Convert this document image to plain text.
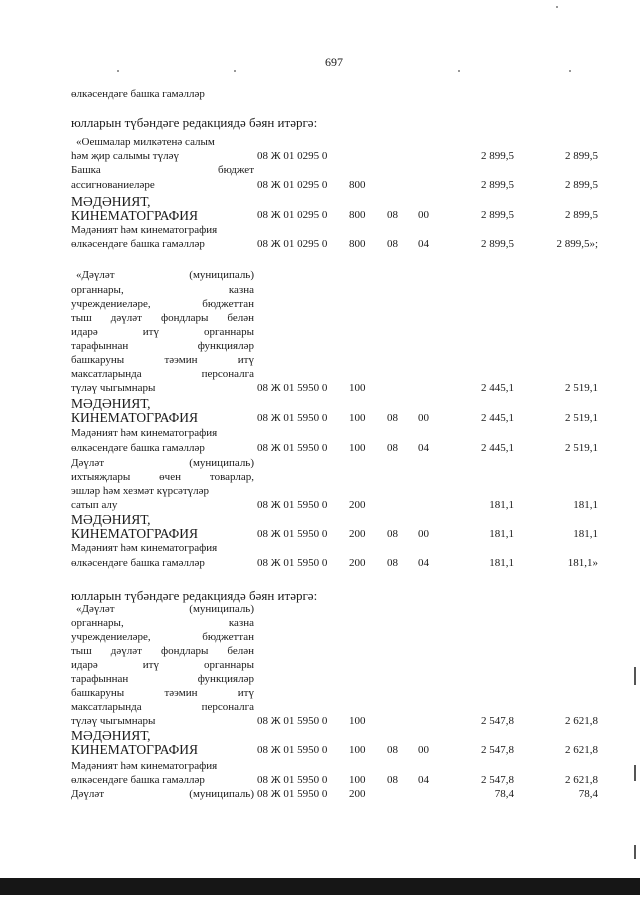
697
өлкәсендәге башка гамәлләр
юлларын түбәндәге редакциядә бәян итәргә:
«Оешмалар милкәтенә салым
һәм җир салымы түләү	08 Ж 01 0295 0	2 899,5	2 899,5
Башка	бюджет
ассигнованиеләре	08 Ж 01 0295 0 800	2 899,5	2 899,5
МӘДӘНИЯТ,
КИНЕМАТОГРАФИЯ	08 Ж 01 0295 0 800 08 00	2 899,5	2 899,5
Мәдәният һәм кинематография
өлкәсендәге башка гамәлләр	08 Ж 01 0295 0 800 08 04	2 899,5	2 899,5»;
«Дәүләт	(муниципаль)
органнары,	казна
учреждениеләре,	бюджеттан
тыш дәүләт фондлары белән
идарә	итү	органнары
тарафыннан	функцияләр
башкаруны	тәэмин	итү
максатларында	персоналга
түләү чыгымнары	08 Ж 01 5950 0 100	2 445,1	2 519,1
МӘДӘНИЯТ,
КИНЕМАТОГРАФИЯ	08 Ж 01 5950 0 100 08 00	2 445,1	2 519,1
Мәдәният һәм кинематография
өлкәсендәге башка гамәлләр	08 Ж 01 5950 0 100 08 04	2 445,1	2 519,1
Дәүләт	(муниципаль)
ихтыяҗлары	өчен	товарлар,
эшләр һәм хезмәт күрсәтүләр
сатып алу	08 Ж 01 5950 0 200	181,1	181,1
МӘДӘНИЯТ,
КИНЕМАТОГРАФИЯ	08 Ж 01 5950 0 200 08 00	181,1	181,1
Мәдәният һәм кинематография
өлкәсендәге башка гамәлләр	08 Ж 01 5950 0 200 08 04	181,1	181,1»
юлларын түбәндәге редакциядә бәян итәргә:
«Дәүләт	(муниципаль)
органнары,	казна
учреждениеләре,	бюджеттан
тыш дәүләт фондлары белән
идарә	итү	органнары
тарафыннан	функцияләр
башкаруны	тәэмин	итү
максатларында	персоналга
түләү чыгымнары	08 Ж 01 5950 0 100	2 547,8	2 621,8
МӘДӘНИЯТ,
КИНЕМАТОГРАФИЯ	08 Ж 01 5950 0 100 08 00	2 547,8	2 621,8
Мәдәният һәм кинематография
өлкәсендәге башка гамәлләр	08 Ж 01 5950 0 100 08 04	2 547,8	2 621,8
Дәүләт	(муниципаль) 08 Ж 01 5950 0 200	78,4	78,4
